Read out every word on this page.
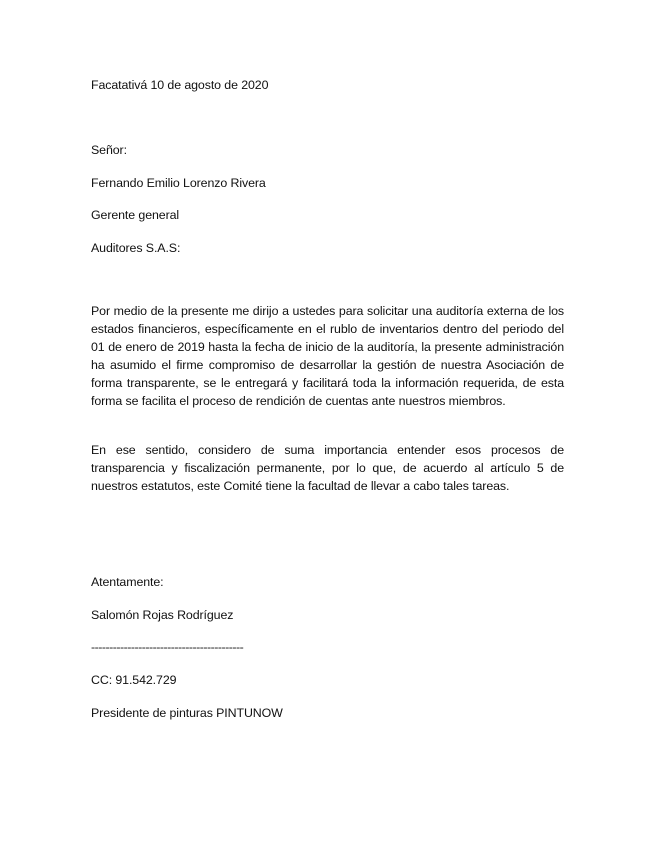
Facatativá 10 de agosto de 2020

Señor:

Fernando Emilio Lorenzo Rivera

Gerente general

Auditores S.A.S:

Por medio de la presente me dirijo a ustedes para solicitar una auditoría externa de los estados financieros, específicamente en el rublo de inventarios dentro del periodo del 01 de enero de 2019 hasta la fecha de inicio de la auditoría, la presente administración ha asumido el firme compromiso de desarrollar la gestión de nuestra Asociación de forma transparente, se le entregará y facilitará toda la información requerida, de esta forma se facilita el proceso de rendición de cuentas ante nuestros miembros.

En ese sentido, considero de suma importancia entender esos procesos de transparencia y fiscalización permanente, por lo que, de acuerdo al artículo 5 de nuestros estatutos, este Comité tiene la facultad de llevar a cabo tales tareas.

Atentamente:

Salomón Rojas Rodríguez

------------------------------------------

CC: 91.542.729

Presidente de pinturas PINTUNOW
